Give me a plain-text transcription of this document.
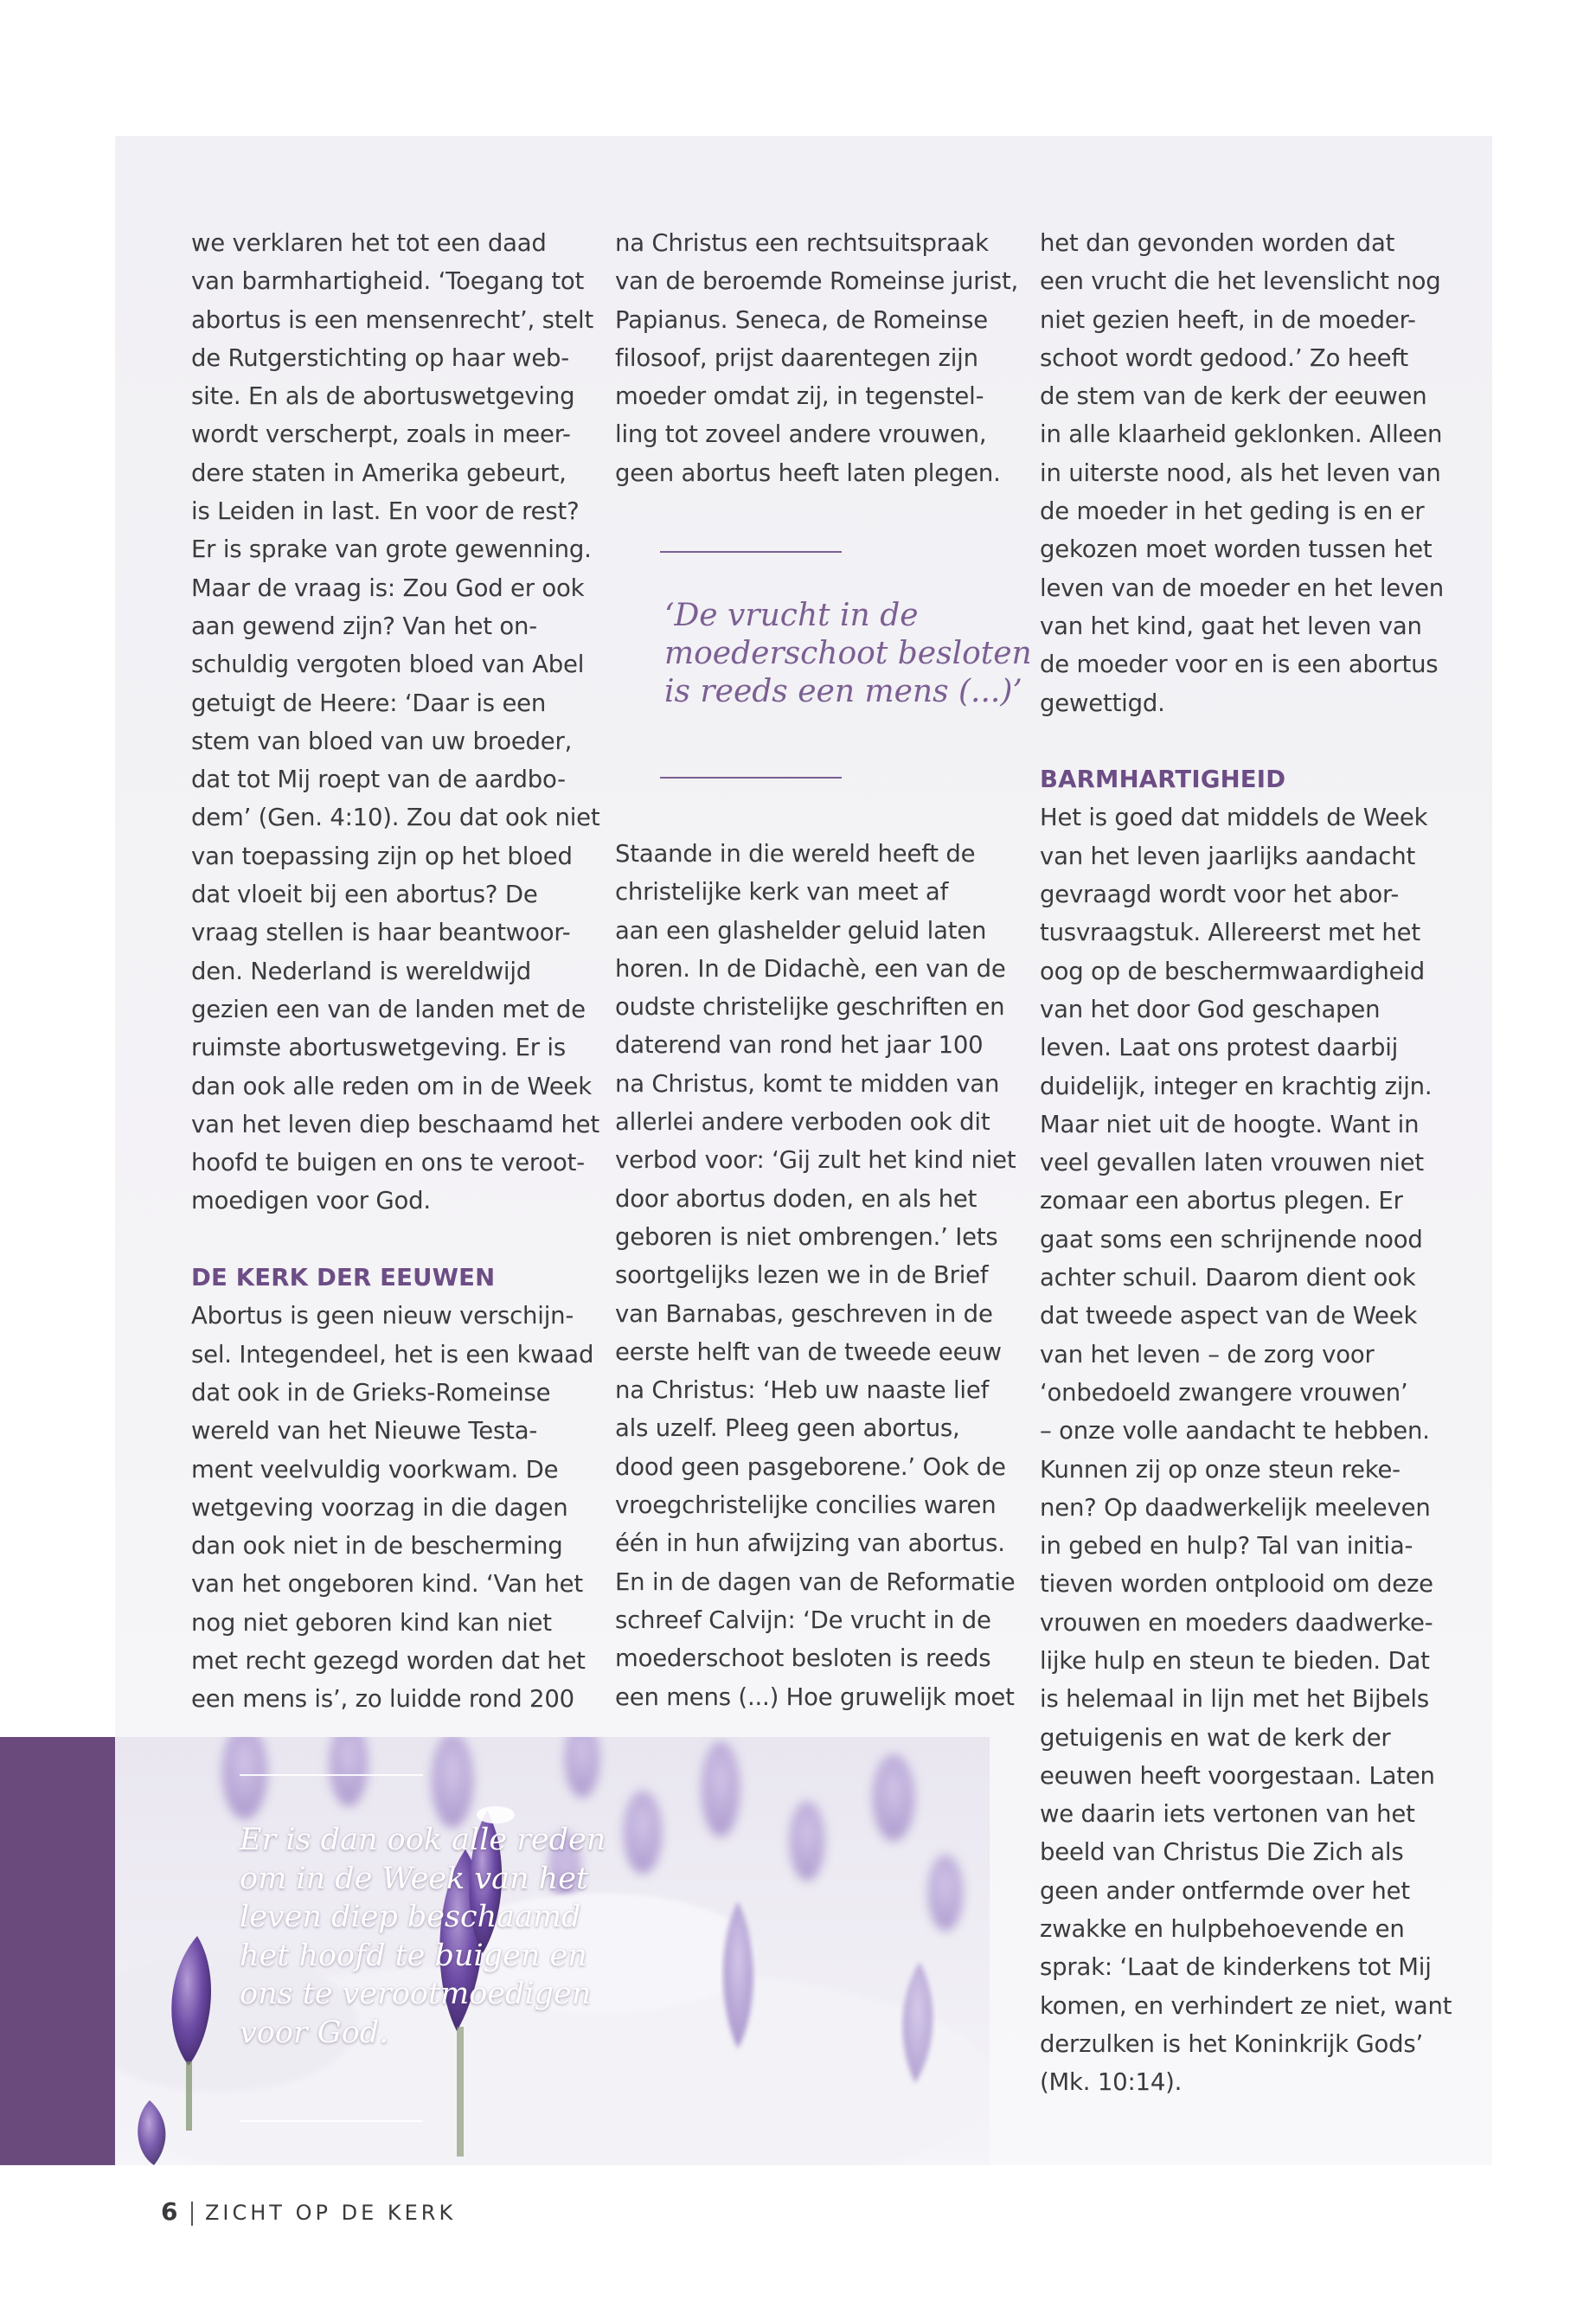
we verklaren het tot een daad

van barmhartigheid. ‘Toegang tot

abortus is een mensenrecht’, stelt

de Rutgerstichting op haar web-

site. En als de abortuswetgeving

wordt verscherpt, zoals in meer-

dere staten in Amerika gebeurt,

is Leiden in last. En voor de rest?

Er is sprake van grote gewenning.

Maar de vraag is: Zou God er ook

aan gewend zijn? Van het on-

schuldig vergoten bloed van Abel

getuigt de Heere: ‘Daar is een

stem van bloed van uw broeder,

dat tot Mij roept van de aardbo-

dem’ (Gen. 4:10). Zou dat ook niet

van toepassing zijn op het bloed

dat vloeit bij een abortus? De

vraag stellen is haar beantwoor-

den. Nederland is wereldwijd

gezien een van de landen met de

ruimste abortuswetgeving. Er is

dan ook alle reden om in de Week

van het leven diep beschaamd het

hoofd te buigen en ons te veroot-

moedigen voor God.

DE KERK DER EEUWEN

Abortus is geen nieuw verschijn-

sel. Integendeel, het is een kwaad

dat ook in de Grieks-Romeinse

wereld van het Nieuwe Testa-

ment veelvuldig voorkwam. De

wetgeving voorzag in die dagen

dan ook niet in de bescherming

van het ongeboren kind. ‘Van het

nog niet geboren kind kan niet

met recht gezegd worden dat het

een mens is’, zo luidde rond 200

na Christus een rechtsuitspraak

van de beroemde Romeinse jurist,

Papianus. Seneca, de Romeinse

filosoof, prijst daarentegen zijn

moeder omdat zij, in tegenstel-

ling tot zoveel andere vrouwen,

geen abortus heeft laten plegen.

‘De vrucht in de

moederschoot besloten

is reeds een mens (...)’

Staande in die wereld heeft de

christelijke kerk van meet af

aan een glashelder geluid laten

horen. In de Didachè, een van de

oudste christelijke geschriften en

daterend van rond het jaar 100

na Christus, komt te midden van

allerlei andere verboden ook dit

verbod voor: ‘Gij zult het kind niet

door abortus doden, en als het

geboren is niet ombrengen.’ Iets

soortgelijks lezen we in de Brief

van Barnabas, geschreven in de

eerste helft van de tweede eeuw

na Christus: ‘Heb uw naaste lief

als uzelf. Pleeg geen abortus,

dood geen pasgeborene.’ Ook de

vroegchristelijke concilies waren

één in hun afwijzing van abortus.

En in de dagen van de Reformatie

schreef Calvijn: ‘De vrucht in de

moederschoot besloten is reeds

een mens (...) Hoe gruwelijk moet

het dan gevonden worden dat

een vrucht die het levenslicht nog

niet gezien heeft, in de moeder-

schoot wordt gedood.’ Zo heeft

de stem van de kerk der eeuwen

in alle klaarheid geklonken. Alleen

in uiterste nood, als het leven van

de moeder in het geding is en er

gekozen moet worden tussen het

leven van de moeder en het leven

van het kind, gaat het leven van

de moeder voor en is een abortus

gewettigd.

BARMHARTIGHEID

Het is goed dat middels de Week

van het leven jaarlijks aandacht

gevraagd wordt voor het abor-

tusvraagstuk. Allereerst met het

oog op de beschermwaardigheid

van het door God geschapen

leven. Laat ons protest daarbij

duidelijk, integer en krachtig zijn.

Maar niet uit de hoogte. Want in

veel gevallen laten vrouwen niet

zomaar een abortus plegen. Er

gaat soms een schrijnende nood

achter schuil. Daarom dient ook

dat tweede aspect van de Week

van het leven – de zorg voor

‘onbedoeld zwangere vrouwen’

– onze volle aandacht te hebben.

Kunnen zij op onze steun reke-

nen? Op daadwerkelijk meeleven

in gebed en hulp? Tal van initia-

tieven worden ontplooid om deze

vrouwen en moeders daadwerke-

lijke hulp en steun te bieden. Dat

is helemaal in lijn met het Bijbels

getuigenis en wat de kerk der

eeuwen heeft voorgestaan. Laten

we daarin iets vertonen van het

beeld van Christus Die Zich als

geen ander ontfermde over het

zwakke en hulpbehoevende en

sprak: ‘Laat de kinderkens tot Mij

komen, en verhindert ze niet, want

derzulken is het Koninkrijk Gods’

(Mk. 10:14).

Er is dan ook alle reden

om in de Week van het

leven diep beschaamd

het hoofd te buigen en

ons te verootmoedigen

voor God.

6 ZICHT OP DE KERK
